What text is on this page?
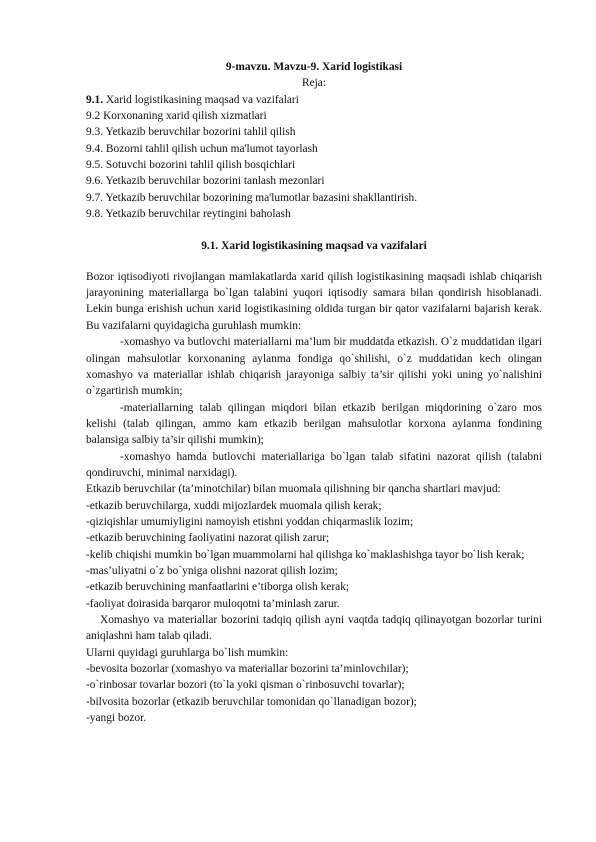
9-mavzu. Mavzu-9. Xarid logistikasi
Reja:
9.1. Xarid logistikasining maqsad va vazifalari
9.2 Korxonaning xarid qilish xizmatlari
9.3. Yetkazib beruvchilar bozorini tahlil qilish
9.4. Bozorni tahlil qilish uchun ma'lumot tayorlash
9.5. Sotuvchi bozorini tahlil qilish bosqichlari
9.6. Yetkazib beruvchilar bozorini tanlash mezonlari
9.7. Yetkazib beruvchilar bozorining ma'lumotlar bazasini shakllantirish.
9.8. Yetkazib beruvchilar reytingini baholash
9.1. Xarid logistikasining maqsad va vazifalari

Bozor iqtisodiyoti rivojlangan mamlakatlarda xarid qilish logistikasining maqsadi ishlab chiqarish jarayonining materiallarga bo`lgan talabini yuqori iqtisodiy samara bilan qondirish hisoblanadi. Lekin bunga erishish uchun xarid logistikasining oldida turgan bir qator vazifalarni bajarish kerak. Bu vazifalarni quyidagicha guruhlash mumkin:

-xomashyo va butlovchi materiallarni ma’lum bir muddatda etkazish. O`z muddatidan ilgari olingan mahsulotlar korxonaning aylanma fondiga qo`shilishi, o`z muddatidan kech olingan xomashyo va materiallar ishlab chiqarish jarayoniga salbiy ta’sir qilishi yoki uning yo`nalishini o`zgartirish mumkin;

-materiallarning talab qilingan miqdori bilan etkazib berilgan miqdorining o`zaro mos kelishi (talab qilingan, ammo kam etkazib berilgan mahsulotlar korxona aylanma fondining balansiga salbiy ta’sir qilishi mumkin);

-xomashyo hamda butlovchi materiallariga bo`lgan talab sifatini nazorat qilish (talabni qondiruvchi, minimal narxidagi).

Etkazib beruvchilar (ta’minotchilar) bilan muomala qilishning bir qancha shartlari mavjud:

-etkazib beruvchilarga, xuddi mijozlardek muomala qilish kerak;
-qiziqishlar umumiyligini namoyish etishni yoddan chiqarmaslik lozim;
-etkazib beruvchining faoliyatini nazorat qilish zarur;
-kelib chiqishi mumkin bo`lgan muammolarni hal qilishga ko`maklashishga tayor bo`lish kerak;
-mas’uliyatni o`z bo`yniga olishni nazorat qilish lozim;
-etkazib beruvchining manfaatlarini e’tiborga olish kerak;
-faoliyat doirasida barqaror muloqotni ta’minlash zarur.

Xomashyo va materiallar bozorini tadqiq qilish ayni vaqtda tadqiq qilinayotgan bozorlar turini aniqlashni ham talab qiladi.

Ularni quyidagi guruhlarga bo`lish mumkin:
-bevosita bozorlar (xomashyo va materiallar bozorini ta’minlovchilar);
-o`rinbosar tovarlar bozori (to`la yoki qisman o`rinbosuvchi tovarlar);
-bilvosita bozorlar (etkazib beruvchilar tomonidan qo`llanadigan bozor);
-yangi bozor.
